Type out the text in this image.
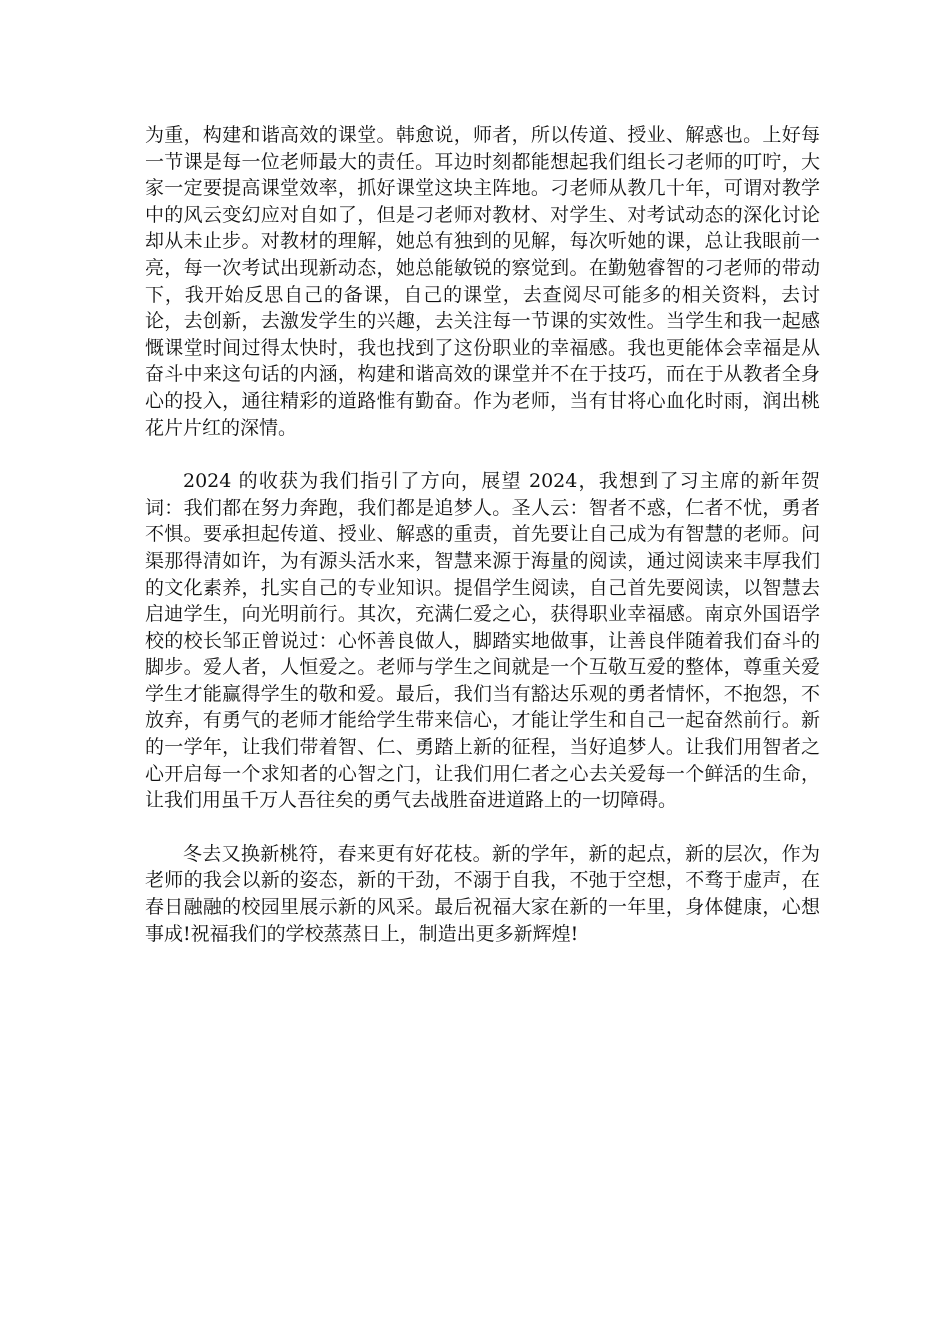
为重，构建和谐高效的课堂。韩愈说，师者，所以传道、授业、解惑也。上好每一节课是每一位老师最大的责任。耳边时刻都能想起我们组长刁老师的叮咛，大家一定要提高课堂效率，抓好课堂这块主阵地。刁老师从教几十年，可谓对教学中的风云变幻应对自如了，但是刁老师对教材、对学生、对考试动态的深化讨论却从未止步。对教材的理解，她总有独到的见解，每次听她的课，总让我眼前一亮，每一次考试出现新动态，她总能敏锐的察觉到。在勤勉睿智的刁老师的带动下，我开始反思自己的备课，自己的课堂，去查阅尽可能多的相关资料，去讨论，去创新，去激发学生的兴趣，去关注每一节课的实效性。当学生和我一起感慨课堂时间过得太快时，我也找到了这份职业的幸福感。我也更能体会幸福是从奋斗中来这句话的内涵，构建和谐高效的课堂并不在于技巧，而在于从教者全身心的投入，通往精彩的道路惟有勤奋。作为老师，当有甘将心血化时雨，润出桃花片片红的深情。

2024 的收获为我们指引了方向，展望 2024，我想到了习主席的新年贺词：我们都在努力奔跑，我们都是追梦人。圣人云：智者不惑，仁者不忧，勇者不惧。要承担起传道、授业、解惑的重责，首先要让自己成为有智慧的老师。问渠那得清如许，为有源头活水来，智慧来源于海量的阅读，通过阅读来丰厚我们的文化素养，扎实自己的专业知识。提倡学生阅读，自己首先要阅读，以智慧去启迪学生，向光明前行。其次，充满仁爱之心，获得职业幸福感。南京外国语学校的校长邹正曾说过：心怀善良做人，脚踏实地做事，让善良伴随着我们奋斗的脚步。爱人者，人恒爱之。老师与学生之间就是一个互敬互爱的整体，尊重关爱学生才能赢得学生的敬和爱。最后，我们当有豁达乐观的勇者情怀，不抱怨，不放弃，有勇气的老师才能给学生带来信心，才能让学生和自己一起奋然前行。新的一学年，让我们带着智、仁、勇踏上新的征程，当好追梦人。让我们用智者之心开启每一个求知者的心智之门，让我们用仁者之心去关爱每一个鲜活的生命，让我们用虽千万人吾往矣的勇气去战胜奋进道路上的一切障碍。

冬去又换新桃符，春来更有好花枝。新的学年，新的起点，新的层次，作为老师的我会以新的姿态，新的干劲，不溺于自我，不弛于空想，不骛于虚声，在春日融融的校园里展示新的风采。最后祝福大家在新的一年里，身体健康，心想事成!祝福我们的学校蒸蒸日上，制造出更多新辉煌!
